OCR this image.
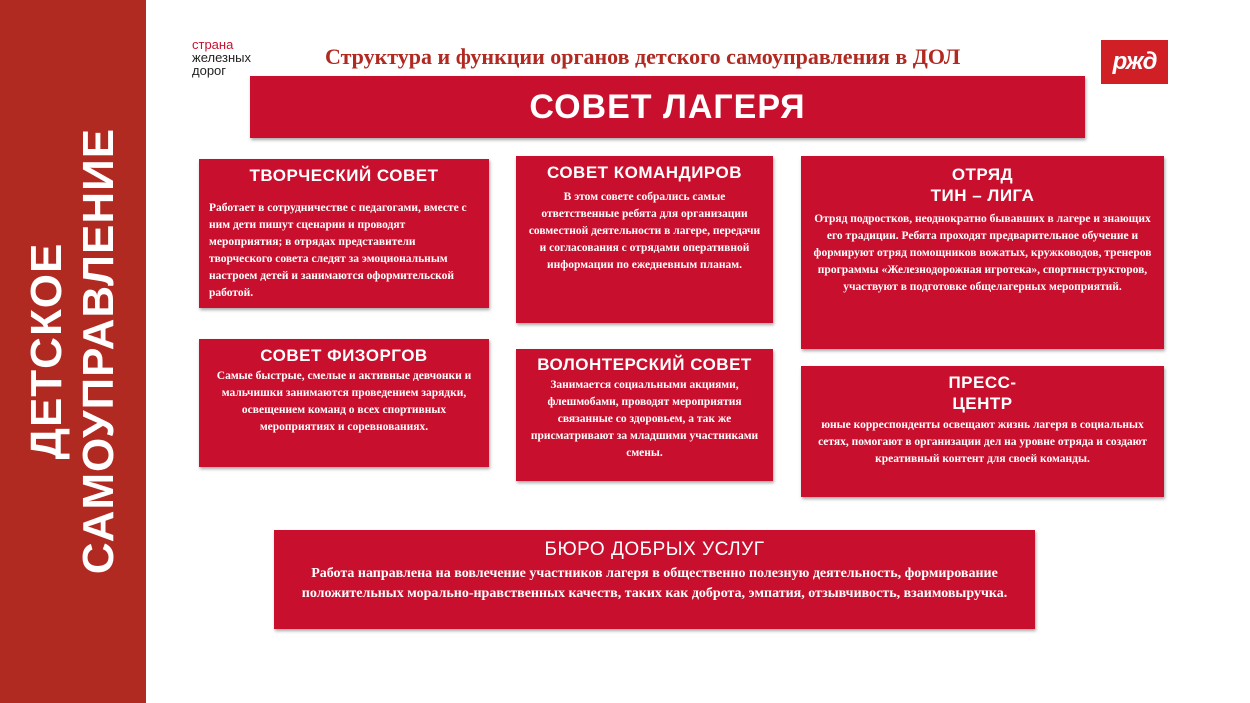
ДЕТСКОЕ САМОУПРАВЛЕНИЕ
страна
железных
дорог
Структура и функции органов детского самоуправления в ДОЛ	ржд
СОВЕТ ЛАГЕРЯ
ТВОРЧЕСКИЙ СОВЕТ
Работает в сотрудничестве с педагогами, вместе с ним дети пишут сценарии и проводят мероприятия; в отрядах представители творческого совета следят за эмоциональным настроем детей и занимаются оформительской работой.
СОВЕТ КОМАНДИРОВ
В этом совете собрались самые ответственные ребята для организации совместной деятельности в лагере, передачи и согласования с отрядами оперативной информации по ежедневным планам.
ОТРЯД
ТИН – ЛИГА
Отряд подростков, неоднократно бывавших в лагере и знающих его традиции. Ребята проходят предварительное обучение и формируют отряд помощников вожатых, кружководов, тренеров программы «Железнодорожная игротека», спортинструкторов, участвуют в подготовке общелагерных мероприятий.
СОВЕТ ФИЗОРГОВ
Самые быстрые, смелые и активные девчонки и мальчишки занимаются проведением зарядки, освещением команд о всех спортивных мероприятиях и соревнованиях.
ВОЛОНТЕРСКИЙ СОВЕТ
Занимается социальными акциями, флешмобами, проводят мероприятия связанные со здоровьем, а так же присматривают за младшими участниками смены.
ПРЕСС-
ЦЕНТР
юные корреспонденты освещают жизнь лагеря в социальных сетях, помогают в организации дел на уровне отряда и создают креативный контент для своей команды.
БЮРО ДОБРЫХ УСЛУГ
Работа направлена на вовлечение участников лагеря в общественно полезную деятельность, формирование положительных морально-нравственных качеств, таких как доброта, эмпатия, отзывчивость, взаимовыручка.
